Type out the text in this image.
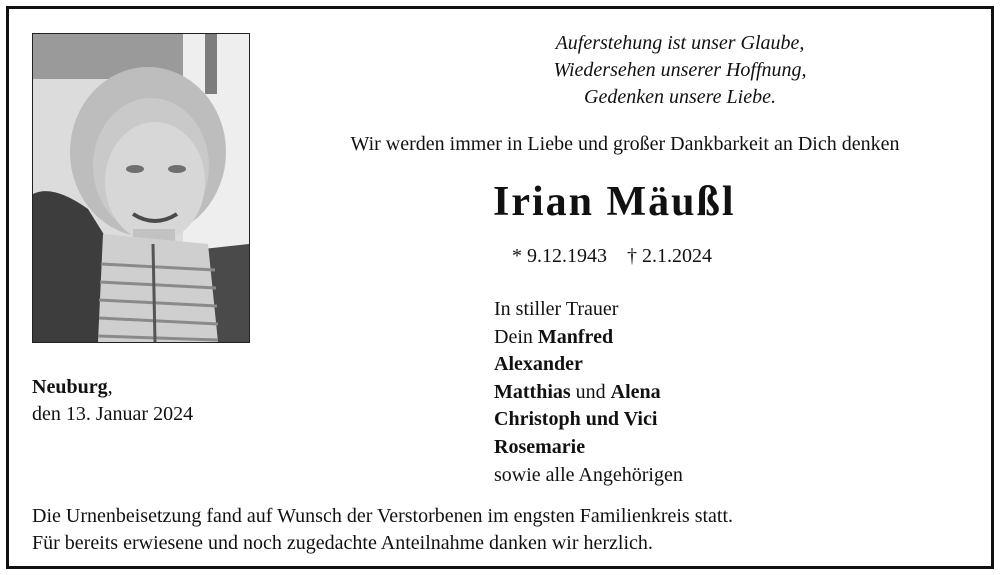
Auferstehung ist unser Glaube,
Wiedersehen unserer Hoffnung,
Gedenken unsere Liebe.
Wir werden immer in Liebe und großer Dankbarkeit an Dich denken
Irian Mäußl
* 9.12.1943 † 2.1.2024
In stiller Trauer
Dein Manfred
Alexander
Matthias und Alena
Christoph und Vici
Rosemarie
sowie alle Angehörigen
Neuburg,
den 13. Januar 2024
Die Urnenbeisetzung fand auf Wunsch der Verstorbenen im engsten Familienkreis statt.
Für bereits erwiesene und noch zugedachte Anteilnahme danken wir herzlich.
